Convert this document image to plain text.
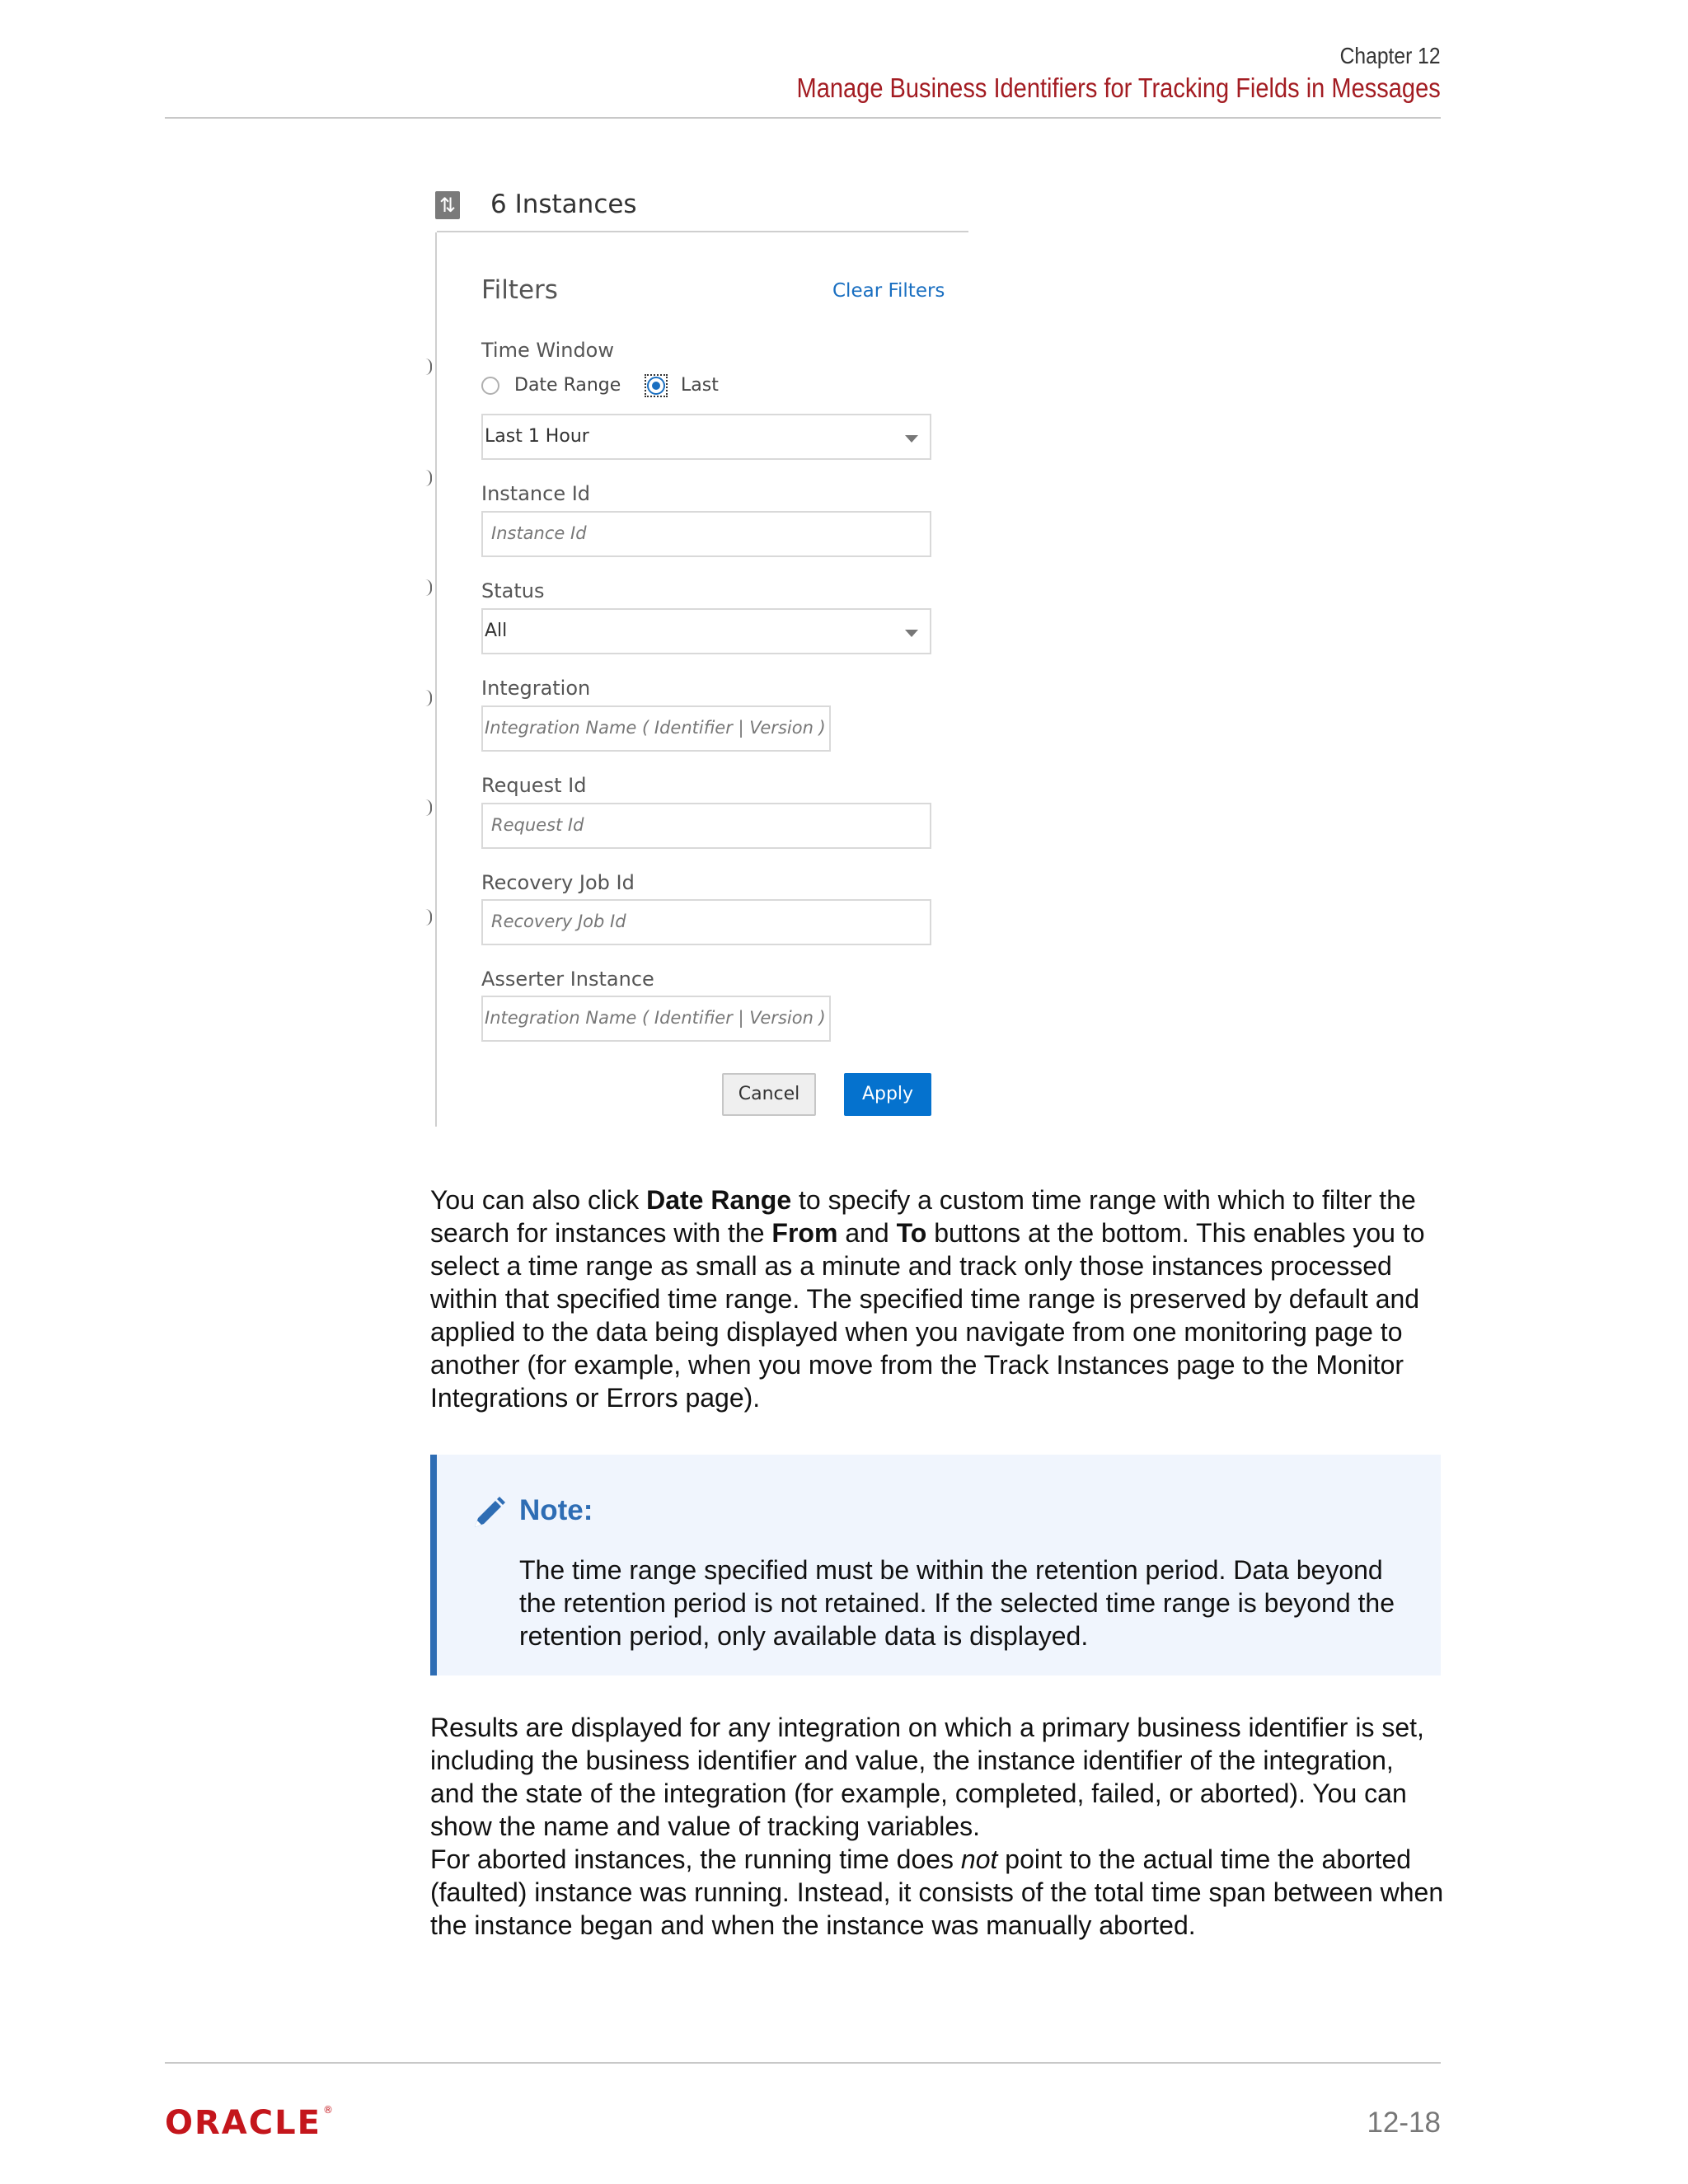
Chapter 12
Manage Business Identifiers for Tracking Fields in Messages
⇅ 6 Instances
Filters	Clear Filters
Time Window
Date Range	Last
Last 1 Hour
Instance Id
Instance Id
Status
All
Integration
Integration Name ( Identifier | Version )
Request Id
Request Id
Recovery Job Id
Recovery Job Id
Asserter Instance
Integration Name ( Identifier | Version )
Cancel	Apply
You can also click Date Range to specify a custom time range with which to filter the search for instances with the From and To buttons at the bottom. This enables you to select a time range as small as a minute and track only those instances processed within that specified time range. The specified time range is preserved by default and applied to the data being displayed when you navigate from one monitoring page to another (for example, when you move from the Track Instances page to the Monitor Integrations or Errors page).
Note:
The time range specified must be within the retention period. Data beyond the retention period is not retained. If the selected time range is beyond the retention period, only available data is displayed.
Results are displayed for any integration on which a primary business identifier is set, including the business identifier and value, the instance identifier of the integration, and the state of the integration (for example, completed, failed, or aborted). You can show the name and value of tracking variables.
For aborted instances, the running time does not point to the actual time the aborted (faulted) instance was running. Instead, it consists of the total time span between when the instance began and when the instance was manually aborted.
ORACLE ®	12-18
